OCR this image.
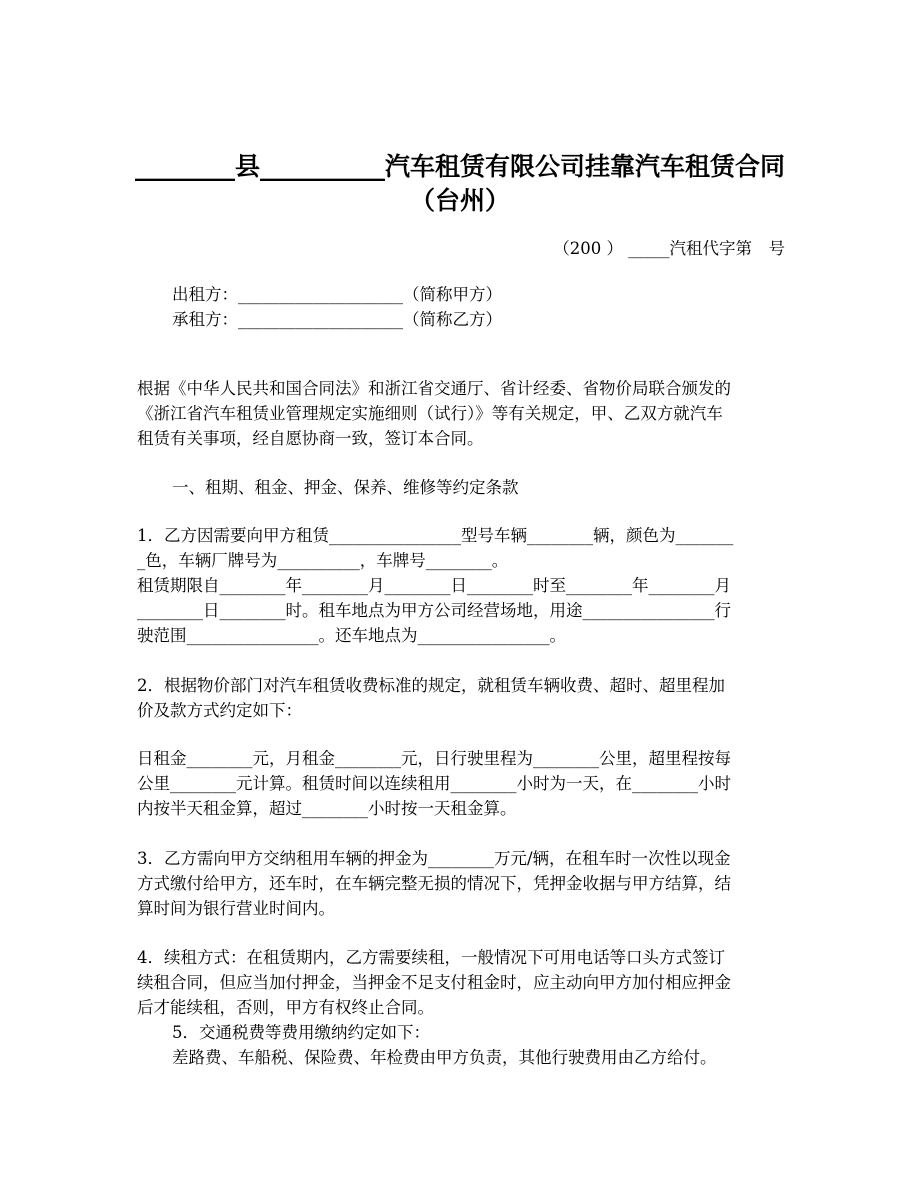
________县__________汽车租赁有限公司挂靠汽车租赁合同
（台州）
（200 ） _____汽租代字第　号
出租方：____________________（简称甲方）
承租方：____________________（简称乙方）
根据《中华人民共和国合同法》和浙江省交通厅、省计经委、省物价局联合颁发的
《浙江省汽车租赁业管理规定实施细则（试行）》等有关规定，甲、乙双方就汽车
租赁有关事项，经自愿协商一致，签订本合同。
一、租期、租金、押金、保养、维修等约定条款
1．乙方因需要向甲方租赁________________型号车辆________辆，颜色为_______
_色，车辆厂牌号为__________，车牌号________。
租赁期限自________年________月________日________时至________年________月
________日________时。租车地点为甲方公司经营场地，用途________________行
驶范围________________。还车地点为________________。
2．根据物价部门对汽车租赁收费标准的规定，就租赁车辆收费、超时、超里程加
价及款方式约定如下：
日租金________元，月租金________元，日行驶里程为________公里，超里程按每
公里________元计算。租赁时间以连续租用________小时为一天，在________小时
内按半天租金算，超过________小时按一天租金算。
3．乙方需向甲方交纳租用车辆的押金为________万元/辆，在租车时一次性以现金
方式缴付给甲方，还车时，在车辆完整无损的情况下，凭押金收据与甲方结算，结
算时间为银行营业时间内。
4．续租方式：在租赁期内，乙方需要续租，一般情况下可用电话等口头方式签订
续租合同，但应当加付押金，当押金不足支付租金时，应主动向甲方加付相应押金
后才能续租，否则，甲方有权终止合同。
5．交通税费等费用缴纳约定如下：
差路费、车船税、保险费、年检费由甲方负责，其他行驶费用由乙方给付。
